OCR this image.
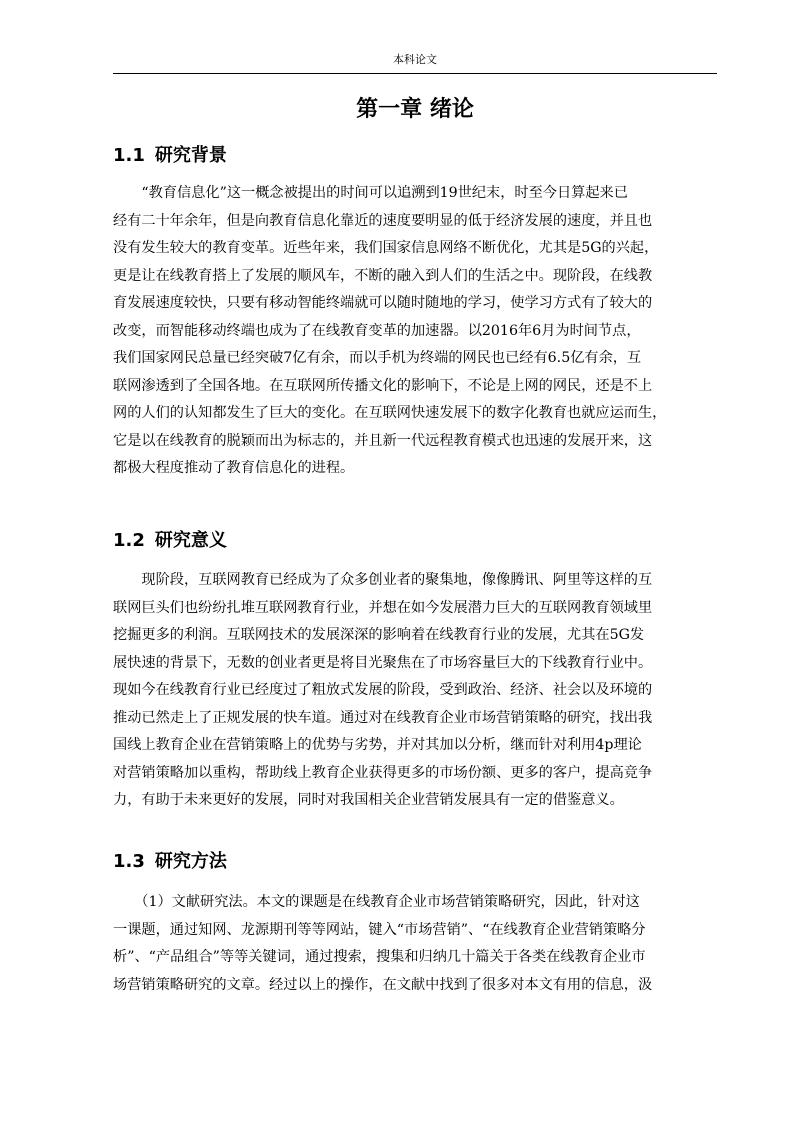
本科论文
第一章 绪论
1.1 研究背景
　　“教育信息化”这一概念被提出的时间可以追溯到19世纪末，时至今日算起来已
经有二十年余年，但是向教育信息化靠近的速度要明显的低于经济发展的速度，并且也
没有发生较大的教育变革。近些年来，我们国家信息网络不断优化，尤其是5G的兴起，
更是让在线教育搭上了发展的顺风车，不断的融入到人们的生活之中。现阶段，在线教
育发展速度较快，只要有移动智能终端就可以随时随地的学习，使学习方式有了较大的
改变，而智能移动终端也成为了在线教育变革的加速器。以2016年6月为时间节点，
我们国家网民总量已经突破7亿有余，而以手机为终端的网民也已经有6.5亿有余，互
联网渗透到了全国各地。在互联网所传播文化的影响下，不论是上网的网民，还是不上
网的人们的认知都发生了巨大的变化。在互联网快速发展下的数字化教育也就应运而生，
它是以在线教育的脱颖而出为标志的，并且新一代远程教育模式也迅速的发展开来，这
都极大程度推动了教育信息化的进程。
1.2 研究意义
　　现阶段，互联网教育已经成为了众多创业者的聚集地，像像腾讯、阿里等这样的互
联网巨头们也纷纷扎堆互联网教育行业，并想在如今发展潜力巨大的互联网教育领域里
挖掘更多的利润。互联网技术的发展深深的影响着在线教育行业的发展，尤其在5G发
展快速的背景下，无数的创业者更是将目光聚焦在了市场容量巨大的下线教育行业中。
现如今在线教育行业已经度过了粗放式发展的阶段，受到政治、经济、社会以及环境的
推动已然走上了正规发展的快车道。通过对在线教育企业市场营销策略的研究，找出我
国线上教育企业在营销策略上的优势与劣势，并对其加以分析，继而针对利用4p理论
对营销策略加以重构，帮助线上教育企业获得更多的市场份额、更多的客户，提高竞争
力，有助于未来更好的发展，同时对我国相关企业营销发展具有一定的借鉴意义。
1.3 研究方法
　　（1）文献研究法。本文的课题是在线教育企业市场营销策略研究，因此，针对这
一课题，通过知网、龙源期刊等等网站，键入“市场营销”、“在线教育企业营销策略分
析”、“产品组合”等等关键词，通过搜索，搜集和归纳几十篇关于各类在线教育企业市
场营销策略研究的文章。经过以上的操作，在文献中找到了很多对本文有用的信息，汲
